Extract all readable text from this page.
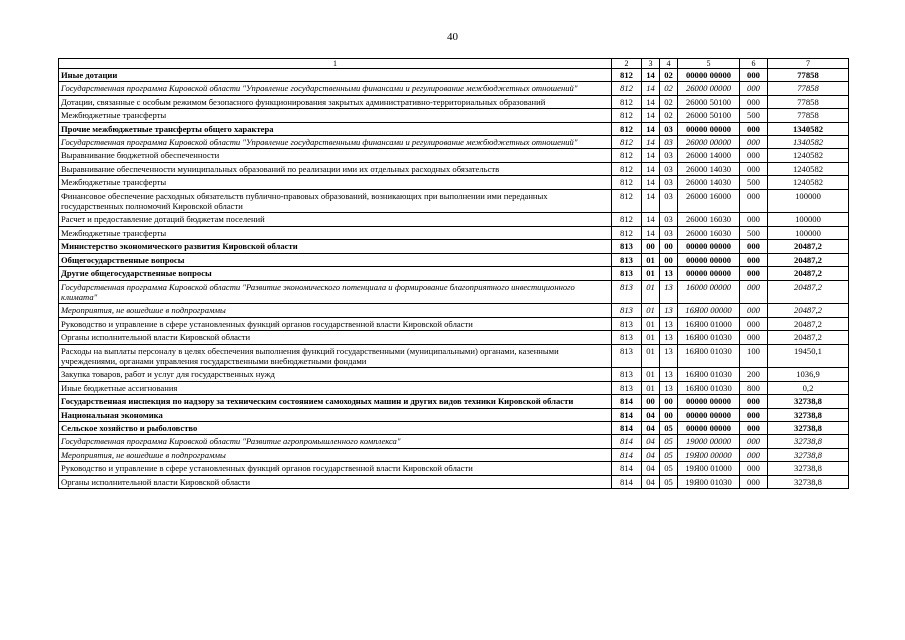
40
1	2	3	4	5	6	7
Иные дотации	812	14	02	00000 00000	000	77858
Государственная программа Кировской области "Управление государственными финансами и регулирование межбюджетных отношений"	812	14	02	26000 00000	000	77858
Дотации, связанные с особым режимом безопасного функционирования закрытых административно-территориальных образований	812	14	02	26000 50100	000	77858
Межбюджетные трансферты	812	14	02	26000 50100	500	77858
Прочие межбюджетные трансферты общего характера	812	14	03	00000 00000	000	1340582
Государственная программа Кировской области "Управление государственными финансами и регулирование межбюджетных отношений"	812	14	03	26000 00000	000	1340582
Выравнивание бюджетной обеспеченности	812	14	03	26000 14000	000	1240582
Выравнивание обеспеченности муниципальных образований по реализации ими их отдельных расходных обязательств	812	14	03	26000 14030	000	1240582
Межбюджетные трансферты	812	14	03	26000 14030	500	1240582
Финансовое обеспечение расходных обязательств публично-правовых образований, возникающих при выполнении ими переданных государственных полномочий Кировской области	812	14	03	26000 16000	000	100000
Расчет и предоставление дотаций бюджетам поселений	812	14	03	26000 16030	000	100000
Межбюджетные трансферты	812	14	03	26000 16030	500	100000
Министерство экономического развития Кировской области	813	00	00	00000 00000	000	20487,2
Общегосударственные вопросы	813	01	00	00000 00000	000	20487,2
Другие общегосударственные вопросы	813	01	13	00000 00000	000	20487,2
Государственная программа Кировской области "Развитие экономического потенциала и формирование благоприятного инвестиционного климата"	813	01	13	16000 00000	000	20487,2
Мероприятия, не вошедшие в подпрограммы	813	01	13	16Я00 00000	000	20487,2
Руководство и управление в сфере установленных функций органов государственной власти Кировской области	813	01	13	16Я00 01000	000	20487,2
Органы исполнительной власти Кировской области	813	01	13	16Я00 01030	000	20487,2
Расходы на выплаты персоналу в целях обеспечения выполнения функций государственными (муниципальными) органами, казенными учреждениями, органами управления государственными внебюджетными фондами	813	01	13	16Я00 01030	100	19450,1
Закупка товаров, работ и услуг для государственных нужд	813	01	13	16Я00 01030	200	1036,9
Иные бюджетные ассигнования	813	01	13	16Я00 01030	800	0,2
Государственная инспекция по надзору за техническим состоянием самоходных машин и других видов техники Кировской области	814	00	00	00000 00000	000	32738,8
Национальная экономика	814	04	00	00000 00000	000	32738,8
Сельское хозяйство и рыболовство	814	04	05	00000 00000	000	32738,8
Государственная программа Кировской области "Развитие агропромышленного комплекса"	814	04	05	19000 00000	000	32738,8
Мероприятия, не вошедшие в подпрограммы	814	04	05	19Я00 00000	000	32738,8
Руководство и управление в сфере установленных функций органов государственной власти Кировской области	814	04	05	19Я00 01000	000	32738,8
Органы исполнительной власти Кировской области	814	04	05	19Я00 01030	000	32738,8
